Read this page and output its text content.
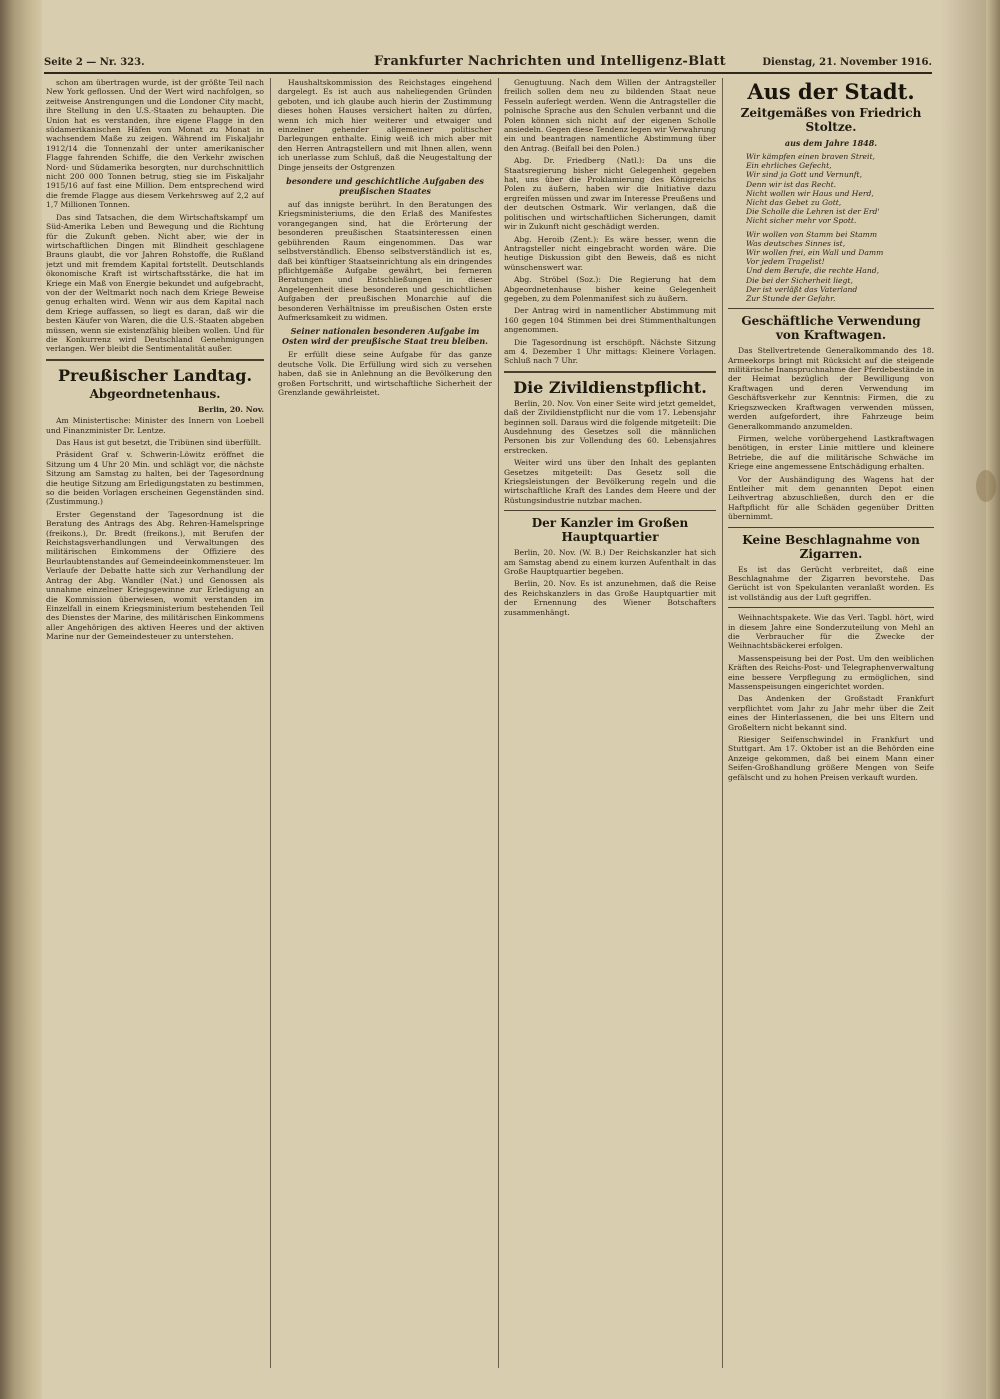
Seite 2 — Nr. 323.	Frankfurter Nachrichten und Intelligenz-Blatt	Dienstag, 21. November 1916.

schon am übertragen wurde, ist der größte Teil nach New York geflossen. Und der Wert wird nachfolgen, so zeitweise Anstrengungen und die Londoner City macht, ihre Stellung in den U.S.-Staaten zu behaupten. Die Union hat es verstanden, ihre eigene Flagge in den südamerikanischen Häfen von Monat zu Monat in wachsendem Maße zu zeigen. Während im Fiskaljahr 1912/14 die Tonnenzahl der unter amerikanischer Flagge fahrenden Schiffe, die den Verkehr zwischen Nord- und Südamerika besorgten, nur durchschnittlich nicht 200 000 Tonnen betrug, stieg sie im Fiskaljahr 1915/16 auf fast eine Million. Dem entsprechend wird die fremde Flagge aus diesem Verkehrsweg auf 2,2 auf 1,7 Millionen Tonnen.

Das sind Tatsachen, die dem Wirtschaftskampf um Süd-Amerika Leben und Bewegung und die Richtung für die Zukunft geben. Nicht aber, wie der in wirtschaftlichen Dingen mit Blindheit geschlagene Brauns glaubt, die vor Jahren Rohstoffe, die Rußland jetzt und mit fremdem Kapital fortstellt. Deutschlands ökonomische Kraft ist wirtschaftsstärke, die hat im Kriege ein Maß von Energie bekundet und aufgebracht, von der der Weltmarkt noch nach dem Kriege Beweise genug erhalten wird. Wenn wir aus dem Kapital nach dem Kriege auffassen, so liegt es daran, daß wir die besten Käufer von Waren, die die U.S.-Staaten abgeben müssen, wenn sie existenzfähig bleiben wollen. Und für die Konkurrenz wird Deutschland Genehmigungen verlangen. Wer bleibt die Sentimentalität außer.

Preußischer Landtag.
Abgeordnetenhaus.
Berlin, 20. Nov.

Am Ministertische: Minister des Innern von Loebell und Finanzminister Dr. Lentze.

Das Haus ist gut besetzt, die Tribünen sind überfüllt.

Präsident Graf v. Schwerin-Löwitz eröffnet die Sitzung um 4 Uhr 20 Min. und schlägt vor, die nächste Sitzung am Samstag zu halten, bei der Tagesordnung die heutige Sitzung am Erledigungstaten zu bestimmen, so die beiden Vorlagen erscheinen Gegenständen sind. (Zustimmung.)

Erster Gegenstand der Tagesordnung ist die Beratung des Antrags des Abg. Rehren-Hamelspringe (freikons.), Dr. Bredt (freikons.), mit Berufen der Reichstagsverhandlungen und Verwaltungen des militärischen Einkommens der Offiziere des Beurlaubtenstandes auf Gemeindeeinkommensteuer. Im Verlaufe der Debatte hatte sich zur Verhandlung der Antrag der Abg. Wandler (Nat.) und Genossen als unnahme einzelner Kriegsgewinne zur Erledigung an die Kommission überwiesen, womit verstanden im Einzelfall in einem Kriegsministerium bestehenden Teil des Dienstes der Marine, des militärischen Einkommens aller Angehörigen des aktiven Heeres und der aktiven Marine nur der Gemeindesteuer zu unterstehen.

Haushaltskommission des Reichstages eingehend dargelegt. Es ist auch aus naheliegenden Gründen geboten, und ich glaube auch hierin der Zustimmung dieses hohen Hauses versichert halten zu dürfen, wenn ich mich hier weiterer und etwaiger und einzelner gehender allgemeiner politischer Darlegungen enthalte. Einig weiß ich mich aber mit den Herren Antragstellern und mit Ihnen allen, wenn ich unerlasse zum Schluß, daß die Neugestaltung der Dinge jenseits der Ostgrenzen

besondere und geschichtliche Aufgaben des preußischen Staates

auf das innigste berührt. In den Beratungen des Kriegsministeriums, die den Erlaß des Manifestes vorangegangen sind, hat die Erörterung der besonderen preußischen Staatsinteressen einen gebührenden Raum eingenommen. Das war selbstverständlich. Ebenso selbstverständlich ist es, daß bei künftiger Staatseinrichtung als ein dringendes pflichtgemäße Aufgabe gewährt, bei ferneren Beratungen und Entschließungen in dieser Angelegenheit diese besonderen und geschichtlichen Aufgaben der preußischen Monarchie auf die besonderen Verhältnisse im preußischen Osten erste Aufmerksamkeit zu widmen.

Seiner nationalen besonderen Aufgabe im Osten wird der preußische Staat treu bleiben.

Er erfüllt diese seine Aufgabe für das ganze deutsche Volk. Die Erfüllung wird sich zu versehen haben, daß sie in Anlehnung an die Bevölkerung den großen Fortschritt, und wirtschaftliche Sicherheit der Grenzlande gewährleistet.

Genugtuung. Nach dem Willen der Antragsteller freilich sollen dem neu zu bildenden Staat neue Fesseln auferlegt werden. Wenn die Antragsteller die polnische Sprache aus den Schulen verbannt und die Polen können sich nicht auf der eigenen Scholle ansiedeln. Gegen diese Tendenz legen wir Verwahrung ein und beantragen namentliche Abstimmung über den Antrag. (Beifall bei den Polen.)

Abg. Dr. Friedberg (Natl.): Da uns die Staatsregierung bisher nicht Gelegenheit gegeben hat, uns über die Proklamierung des Königreichs Polen zu äußern, haben wir die Initiative dazu ergreifen müssen und zwar im Interesse Preußens und der deutschen Ostmark. Wir verlangen, daß die politischen und wirtschaftlichen Sicherungen, damit wir in Zukunft nicht geschädigt werden.

Abg. Heroib (Zent.): Es wäre besser, wenn die Antragsteller nicht eingebracht worden wäre. Die heutige Diskussion gibt den Beweis, daß es nicht wünschenswert war.

Abg. Ströbel (Soz.): Die Regierung hat dem Abgeordnetenhause bisher keine Gelegenheit gegeben, zu dem Polenmanifest sich zu äußern.

Der Antrag wird in namentlicher Abstimmung mit 160 gegen 104 Stimmen bei drei Stimmenthaltungen angenommen.

Die Tagesordnung ist erschöpft. Nächste Sitzung am 4. Dezember 1 Uhr mittags: Kleinere Vorlagen. Schluß nach 7 Uhr.

Die Zivildienstpflicht.

Berlin, 20. Nov. Von einer Seite wird jetzt gemeldet, daß der Zivildienstpflicht nur die vom 17. Lebensjahr beginnen soll. Daraus wird die folgende mitgeteilt: Die Ausdehnung des Gesetzes soll die männlichen Personen bis zur Vollendung des 60. Lebensjahres erstrecken.

Weiter wird uns über den Inhalt des geplanten Gesetzes mitgeteilt: Das Gesetz soll die Kriegsleistungen der Bevölkerung regeln und die wirtschaftliche Kraft des Landes dem Heere und der Rüstungsindustrie nutzbar machen.

Der Kanzler im Großen Hauptquartier

Berlin, 20. Nov. (W. B.) Der Reichskanzler hat sich am Samstag abend zu einem kurzen Aufenthalt in das Große Hauptquartier begeben.

Berlin, 20. Nov. Es ist anzunehmen, daß die Reise des Reichskanzlers in das Große Hauptquartier mit der Ernennung des Wiener Botschafters zusammenhängt.

Aus der Stadt.
Zeitgemäßes von Friedrich Stoltze.
aus dem Jahre 1848.
Wir kämpfen einen braven Streit,
Ein ehrliches Gefecht,
Wir sind ja Gott und Vernunft,
Denn wir ist das Recht.
Nicht wollen wir Haus und Herd,
Nicht das Gebet zu Gott,
Die Scholle die Lehren ist der Erd'
Nicht sicher mehr vor Spott.
Wir wollen von Stamm bei Stamm
Was deutsches Sinnes ist,
Wir wollen frei, ein Wall und Damm
Vor jedem Tragelist!
Und dem Berufe, die rechte Hand,
Die bei der Sicherheit liegt,
Der ist verläßt das Vaterland
Zur Stunde der Gefahr.
Geschäftliche Verwendung von Kraftwagen.

Das Stellvertretende Generalkommando des 18. Armeekorps bringt mit Rücksicht auf die steigende militärische Inanspruchnahme der Pferdebestände in der Heimat bezüglich der Bewilligung von Kraftwagen und deren Verwendung im Geschäftsverkehr zur Kenntnis: Firmen, die zu Kriegszwecken Kraftwagen verwenden müssen, werden aufgefordert, ihre Fahrzeuge beim Generalkommando anzumelden.

Firmen, welche vorübergehend Lastkraftwagen benötigen, in erster Linie mittlere und kleinere Betriebe, die auf die militärische Schwäche im Kriege eine angemessene Entschädigung erhalten.

Vor der Aushändigung des Wagens hat der Entleiher mit dem genannten Depot einen Leihvertrag abzuschließen, durch den er die Haftpflicht für alle Schäden gegenüber Dritten übernimmt.

Keine Beschlagnahme von Zigarren.

Es ist das Gerücht verbreitet, daß eine Beschlagnahme der Zigarren bevorstehe. Das Gerücht ist von Spekulanten veranlaßt worden. Es ist vollständig aus der Luft gegriffen.

Weihnachtspakete. Wie das Verl. Tagbl. hört, wird in diesem Jahre eine Sonderzuteilung von Mehl an die Verbraucher für die Zwecke der Weihnachtsbäckerei erfolgen.

Massenspeisung bei der Post. Um den weiblichen Kräften des Reichs-Post- und Telegraphenverwaltung eine bessere Verpflegung zu ermöglichen, sind Massenspeisungen eingerichtet worden.

Das Andenken der Großstadt Frankfurt verpflichtet vom Jahr zu Jahr mehr über die Zeit eines der Hinterlassenen, die bei uns Eltern und Großeltern nicht bekannt sind.

Riesiger Seifenschwindel in Frankfurt und Stuttgart. Am 17. Oktober ist an die Behörden eine Anzeige gekommen, daß bei einem Mann einer Seifen-Großhandlung größere Mengen von Seife gefälscht und zu hohen Preisen verkauft wurden.
